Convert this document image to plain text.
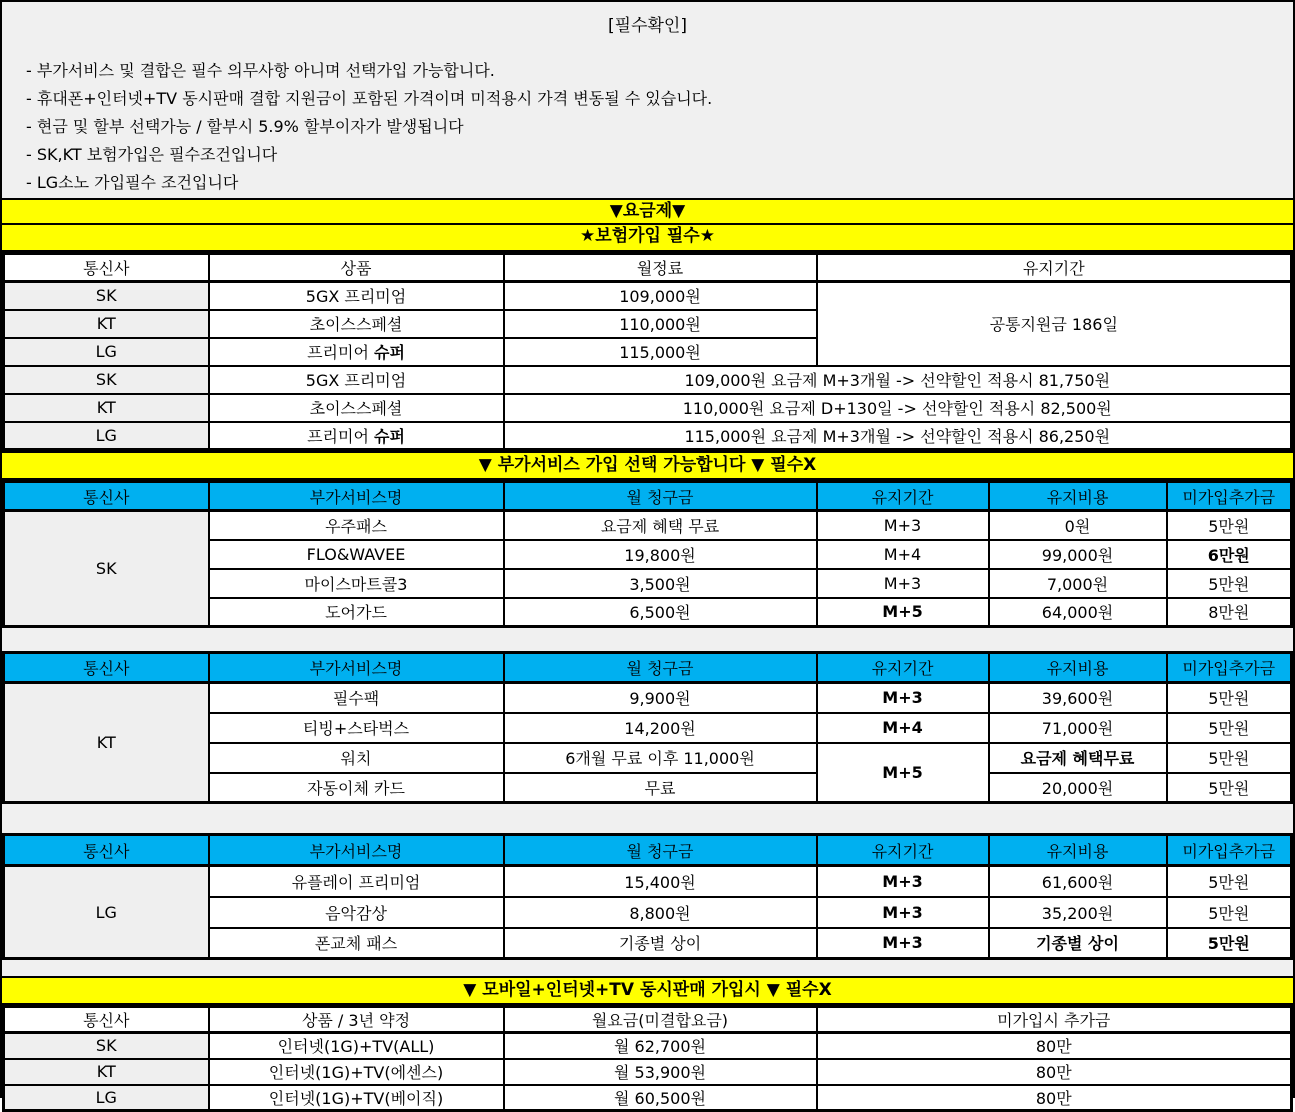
[필수확인]
- 부가서비스 및 결합은 필수 의무사항 아니며 선택가입 가능합니다.
- 휴대폰+인터넷+TV 동시판매 결합 지원금이 포함된 가격이며 미적용시 가격 변동될 수 있습니다.
- 현금 및 할부 선택가능 / 할부시 5.9% 할부이자가 발생됩니다
- SK,KT 보험가입은 필수조건입니다
- LG소노 가입필수 조건입니다
▼요금제▼
★보험가입 필수★
통신사	상품	월정료	유지기간
SK	5GX 프리미엄	109,000원	공통지원금 186일
KT	초이스스페셜	110,000원	
LG	프리미어 슈퍼	115,000원	
SK	5GX 프리미엄	109,000원 요금제 M+3개월 -> 선약할인 적용시 81,750원	
KT	초이스스페셜	110,000원 요금제 D+130일 -> 선약할인 적용시 82,500원	
LG	프리미어 슈퍼	115,000원 요금제 M+3개월 -> 선약할인 적용시 86,250원	
▼ 부가서비스 가입 선택 가능합니다 ▼ 필수X
통신사	부가서비스명	월 청구금	유지기간	유지비용	미가입추가금
SK	우주패스	요금제 혜택 무료	M+3	0원	5만원
	FLO&WAVEE	19,800원	M+4	99,000원	6만원
	마이스마트콜3	3,500원	M+3	7,000원	5만원
	도어가드	6,500원	M+5	64,000원	8만원
통신사	부가서비스명	월 청구금	유지기간	유지비용	미가입추가금
KT	필수팩	9,900원	M+3	39,600원	5만원
	티빙+스타벅스	14,200원	M+4	71,000원	5만원
	워치	6개월 무료 이후 11,000원	M+5	요금제 혜택무료	5만원
	자동이체 카드	무료		20,000원	5만원
통신사	부가서비스명	월 청구금	유지기간	유지비용	미가입추가금
LG	유플레이 프리미엄	15,400원	M+3	61,600원	5만원
	음악감상	8,800원	M+3	35,200원	5만원
	폰교체 패스	기종별 상이	M+3	기종별 상이	5만원
▼ 모바일+인터넷+TV 동시판매 가입시 ▼ 필수X
통신사	상품 / 3년 약정	월요금(미결합요금)	미가입시 추가금
SK	인터넷(1G)+TV(ALL)	월 62,700원	80만
KT	인터넷(1G)+TV(에센스)	월 53,900원	80만
LG	인터넷(1G)+TV(베이직)	월 60,500원	80만
